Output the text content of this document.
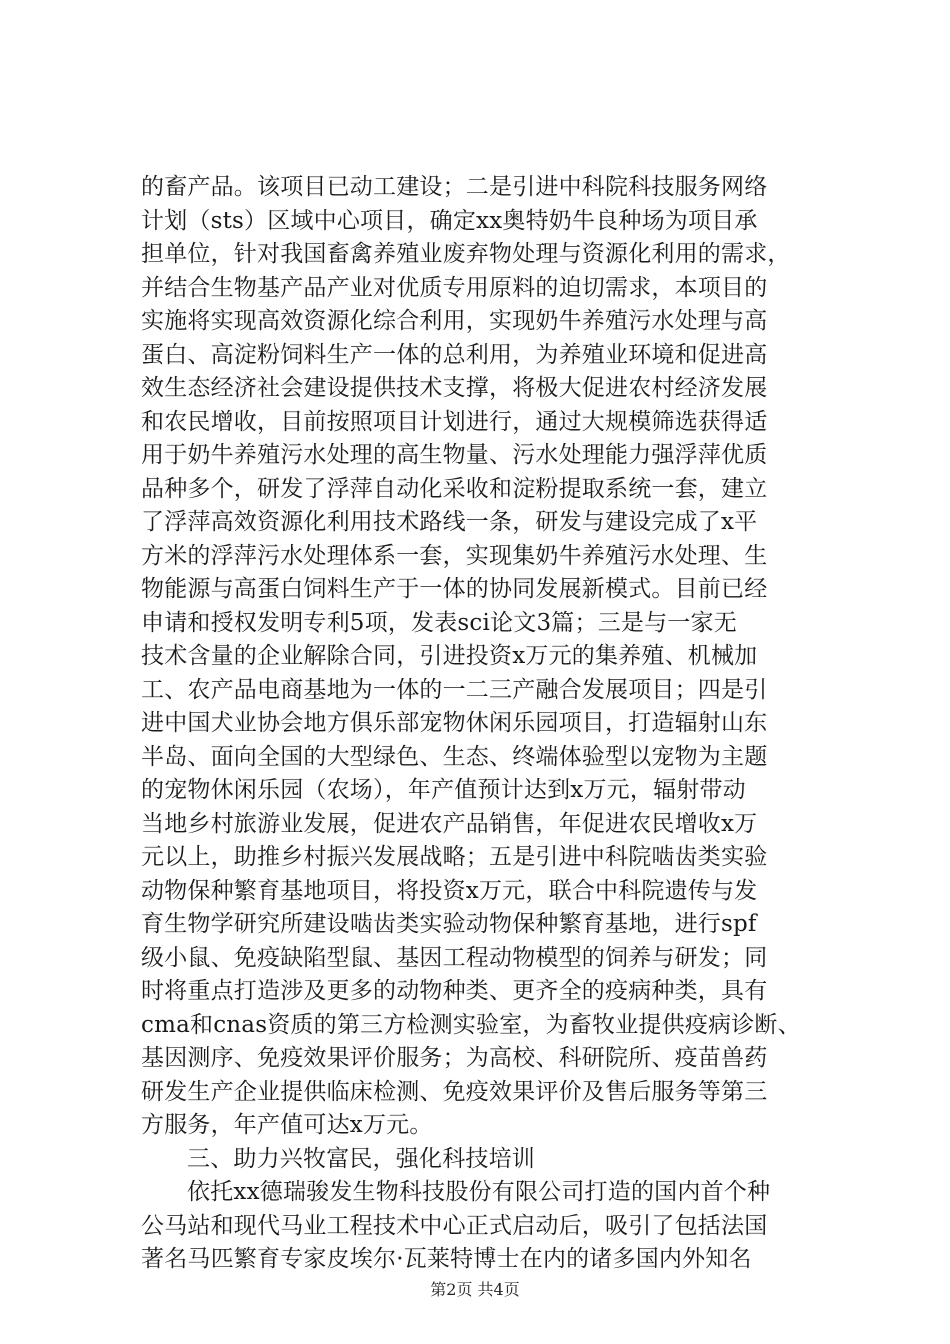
的畜产品。该项目已动工建设；二是引进中科院科技服务网络
计划（sts）区域中心项目，确定xx奥特奶牛良种场为项目承
担单位，针对我国畜禽养殖业废弃物处理与资源化利用的需求，
并结合生物基产品产业对优质专用原料的迫切需求，本项目的
实施将实现高效资源化综合利用，实现奶牛养殖污水处理与高
蛋白、高淀粉饲料生产一体的总利用，为养殖业环境和促进高
效生态经济社会建设提供技术支撑，将极大促进农村经济发展
和农民增收，目前按照项目计划进行，通过大规模筛选获得适
用于奶牛养殖污水处理的高生物量、污水处理能力强浮萍优质
品种多个，研发了浮萍自动化采收和淀粉提取系统一套，建立
了浮萍高效资源化利用技术路线一条，研发与建设完成了x平
方米的浮萍污水处理体系一套，实现集奶牛养殖污水处理、生
物能源与高蛋白饲料生产于一体的协同发展新模式。目前已经
申请和授权发明专利5项，发表sci论文3篇；三是与一家无
技术含量的企业解除合同，引进投资x万元的集养殖、机械加
工、农产品电商基地为一体的一二三产融合发展项目；四是引
进中国犬业协会地方俱乐部宠物休闲乐园项目，打造辐射山东
半岛、面向全国的大型绿色、生态、终端体验型以宠物为主题
的宠物休闲乐园（农场），年产值预计达到x万元，辐射带动
当地乡村旅游业发展，促进农产品销售，年促进农民增收x万
元以上，助推乡村振兴发展战略；五是引进中科院啮齿类实验
动物保种繁育基地项目，将投资x万元，联合中科院遗传与发
育生物学研究所建设啮齿类实验动物保种繁育基地，进行spf
级小鼠、免疫缺陷型鼠、基因工程动物模型的饲养与研发；同
时将重点打造涉及更多的动物种类、更齐全的疫病种类，具有
cma和cnas资质的第三方检测实验室，为畜牧业提供疫病诊断、
基因测序、免疫效果评价服务；为高校、科研院所、疫苗兽药
研发生产企业提供临床检测、免疫效果评价及售后服务等第三
方服务，年产值可达x万元。
三、助力兴牧富民，强化科技培训
依托xx德瑞骏发生物科技股份有限公司打造的国内首个种
公马站和现代马业工程技术中心正式启动后，吸引了包括法国
著名马匹繁育专家皮埃尔·瓦莱特博士在内的诸多国内外知名
第2页 共4页
